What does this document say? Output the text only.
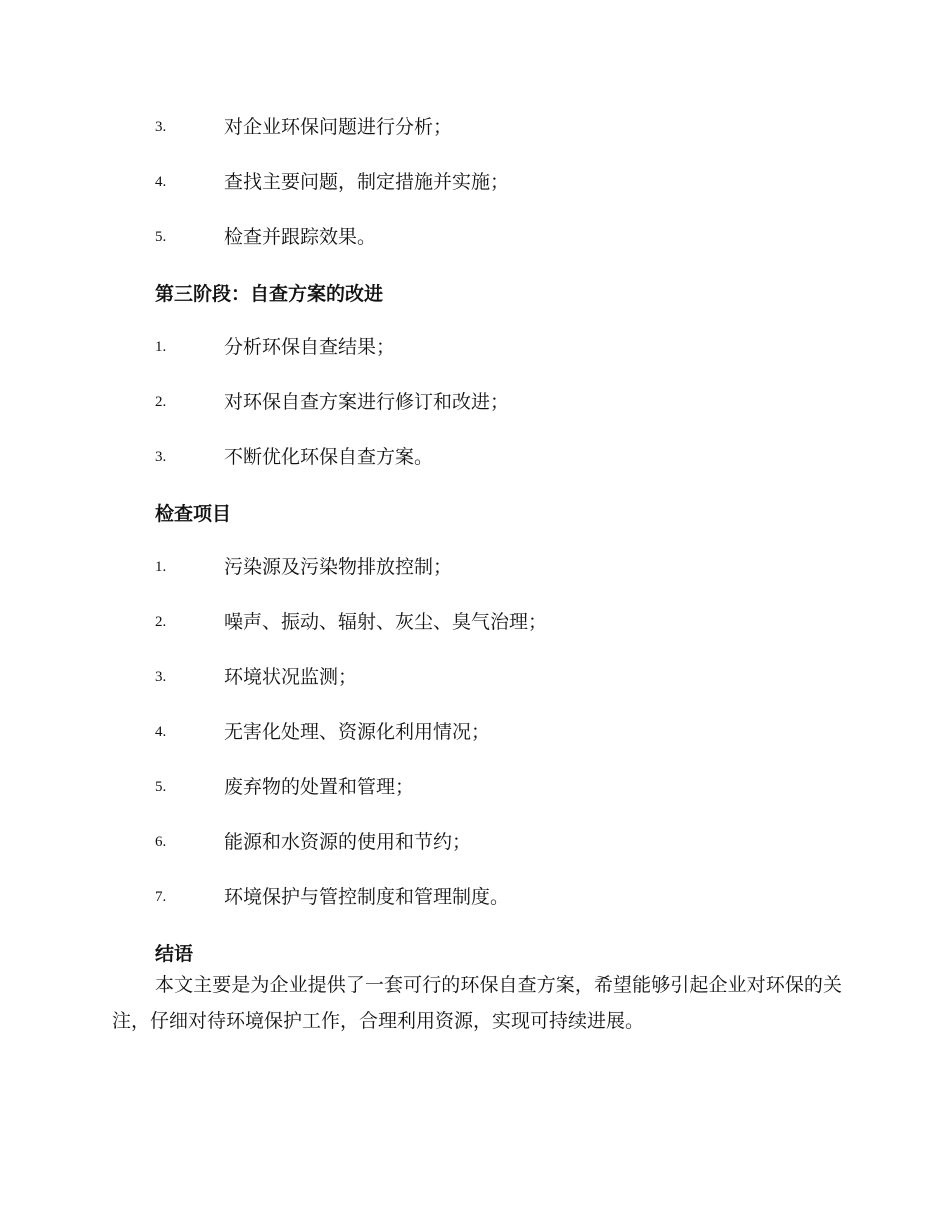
3.	对企业环保问题进行分析；
4.	查找主要问题，制定措施并实施；
5.	检查并跟踪效果。
第三阶段：自查方案的改进
1.	分析环保自查结果；
2.	对环保自查方案进行修订和改进；
3.	不断优化环保自查方案。
检查项目
1.	污染源及污染物排放控制；
2.	噪声、振动、辐射、灰尘、臭气治理；
3.	环境状况监测；
4.	无害化处理、资源化利用情况；
5.	废弃物的处置和管理；
6.	能源和水资源的使用和节约；
7.	环境保护与管控制度和管理制度。
结语

本文主要是为企业提供了一套可行的环保自查方案，希望能够引起企业对环保的关注，仔细对待环境保护工作，合理利用资源，实现可持续进展。
